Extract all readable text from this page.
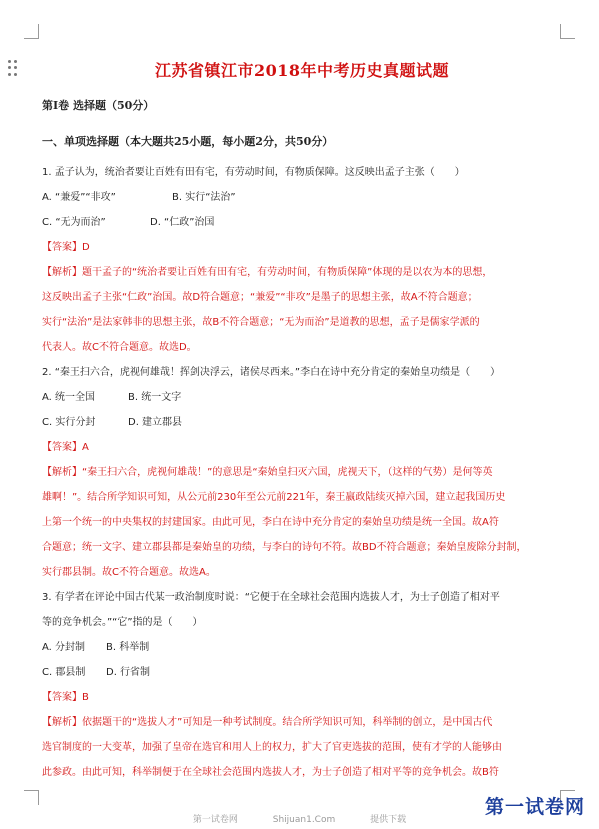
江苏省镇江市2018年中考历史真题试题

第Ⅰ卷 选择题（50分）

一、单项选择题（本大题共25小题，每小题2分，共50分）

1. 孟子认为，统治者要让百姓有田有宅，有劳动时间，有物质保障。这反映出孟子主张（　　）

A. “兼爱”“非攻”	B. 实行“法治”

C. “无为而治”	D. “仁政”治国

【答案】D

【解析】题干孟子的“统治者要让百姓有田有宅，有劳动时间，有物质保障”体现的是以农为本的思想，

这反映出孟子主张“仁政”治国。故D符合题意；“兼爱”“非攻”是墨子的思想主张，故A不符合题意；

实行“法治”是法家韩非的思想主张，故B不符合题意；“无为而治”是道教的思想，孟子是儒家学派的

代表人。故C不符合题意。故选D。

2. “秦王扫六合，虎视何雄哉！挥剑决浮云，诸侯尽西来。”李白在诗中充分肯定的秦始皇功绩是（　　）

A. 统一全国	B. 统一文字

C. 实行分封	D. 建立郡县

【答案】A

【解析】“秦王扫六合，虎视何雄哉！”的意思是“秦始皇扫灭六国，虎视天下，（这样的气势）是何等英

雄啊！”。结合所学知识可知，从公元前230年至公元前221年，秦王嬴政陆续灭掉六国，建立起我国历史

上第一个统一的中央集权的封建国家。由此可见，李白在诗中充分肯定的秦始皇功绩是统一全国。故A符

合题意；统一文字、建立郡县都是秦始皇的功绩，与李白的诗句不符。故BD不符合题意；秦始皇废除分封制，

实行郡县制。故C不符合题意。故选A。

3. 有学者在评论中国古代某一政治制度时说：“它便于在全球社会范围内选拔人才，为士子创造了相对平

等的竞争机会。”“它”指的是（　　）

A. 分封制	B. 科举制

C. 郡县制	D. 行省制

【答案】B

【解析】依据题干的“选拔人才”可知是一种考试制度。结合所学知识可知，科举制的创立，是中国古代

选官制度的一大变革，加强了皇帝在选官和用人上的权力，扩大了官吏选拔的范围，使有才学的人能够由

此参政。由此可知，科举制便于在全球社会范围内选拔人才，为士子创造了相对平等的竞争机会。故B符

第一试卷网
第一试卷网	Shijuan1.Com	提供下载
